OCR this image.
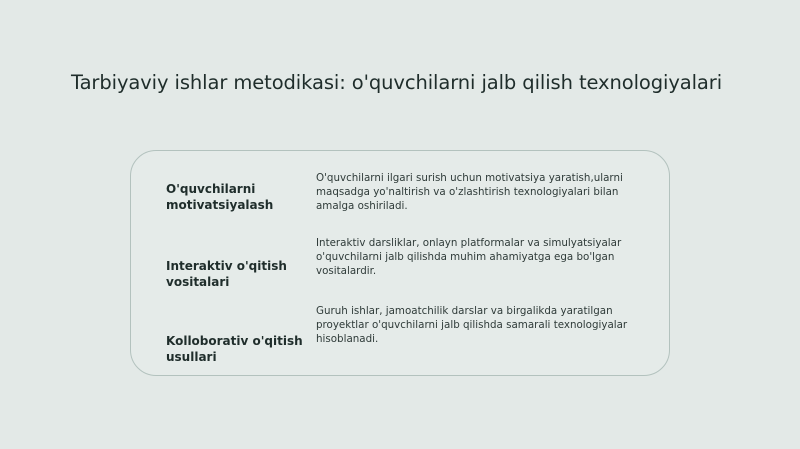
Tarbiyaviy ishlar metodikasi: o'quvchilarni jalb qilish texnologiyalari
O'quvchilarni motivatsiyalash
O'quvchilarni ilgari surish uchun motivatsiya yaratish,ularni maqsadga yo'naltirish va o'zlashtirish texnologiyalari bilan amalga oshiriladi.
Interaktiv o'qitish vositalari
Interaktiv darsliklar, onlayn platformalar va simulyatsiyalar o'quvchilarni jalb qilishda muhim ahamiyatga ega bo'lgan vositalardir.
Kolloborativ o'qitish usullari
Guruh ishlar, jamoatchilik darslar va birgalikda yaratilgan proyektlar o'quvchilarni jalb qilishda samarali texnologiyalar hisoblanadi.
